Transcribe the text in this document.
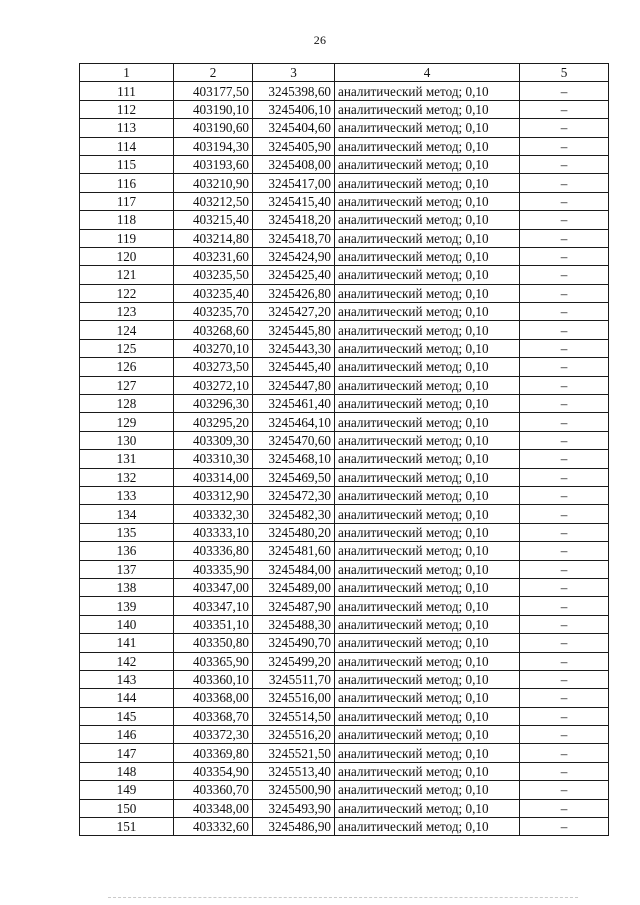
26
1	2	3	4	5
111	403177,50	3245398,60	аналитический метод; 0,10	–
112	403190,10	3245406,10	аналитический метод; 0,10	–
113	403190,60	3245404,60	аналитический метод; 0,10	–
114	403194,30	3245405,90	аналитический метод; 0,10	–
115	403193,60	3245408,00	аналитический метод; 0,10	–
116	403210,90	3245417,00	аналитический метод; 0,10	–
117	403212,50	3245415,40	аналитический метод; 0,10	–
118	403215,40	3245418,20	аналитический метод; 0,10	–
119	403214,80	3245418,70	аналитический метод; 0,10	–
120	403231,60	3245424,90	аналитический метод; 0,10	–
121	403235,50	3245425,40	аналитический метод; 0,10	–
122	403235,40	3245426,80	аналитический метод; 0,10	–
123	403235,70	3245427,20	аналитический метод; 0,10	–
124	403268,60	3245445,80	аналитический метод; 0,10	–
125	403270,10	3245443,30	аналитический метод; 0,10	–
126	403273,50	3245445,40	аналитический метод; 0,10	–
127	403272,10	3245447,80	аналитический метод; 0,10	–
128	403296,30	3245461,40	аналитический метод; 0,10	–
129	403295,20	3245464,10	аналитический метод; 0,10	–
130	403309,30	3245470,60	аналитический метод; 0,10	–
131	403310,30	3245468,10	аналитический метод; 0,10	–
132	403314,00	3245469,50	аналитический метод; 0,10	–
133	403312,90	3245472,30	аналитический метод; 0,10	–
134	403332,30	3245482,30	аналитический метод; 0,10	–
135	403333,10	3245480,20	аналитический метод; 0,10	–
136	403336,80	3245481,60	аналитический метод; 0,10	–
137	403335,90	3245484,00	аналитический метод; 0,10	–
138	403347,00	3245489,00	аналитический метод; 0,10	–
139	403347,10	3245487,90	аналитический метод; 0,10	–
140	403351,10	3245488,30	аналитический метод; 0,10	–
141	403350,80	3245490,70	аналитический метод; 0,10	–
142	403365,90	3245499,20	аналитический метод; 0,10	–
143	403360,10	3245511,70	аналитический метод; 0,10	–
144	403368,00	3245516,00	аналитический метод; 0,10	–
145	403368,70	3245514,50	аналитический метод; 0,10	–
146	403372,30	3245516,20	аналитический метод; 0,10	–
147	403369,80	3245521,50	аналитический метод; 0,10	–
148	403354,90	3245513,40	аналитический метод; 0,10	–
149	403360,70	3245500,90	аналитический метод; 0,10	–
150	403348,00	3245493,90	аналитический метод; 0,10	–
151	403332,60	3245486,90	аналитический метод; 0,10	–
